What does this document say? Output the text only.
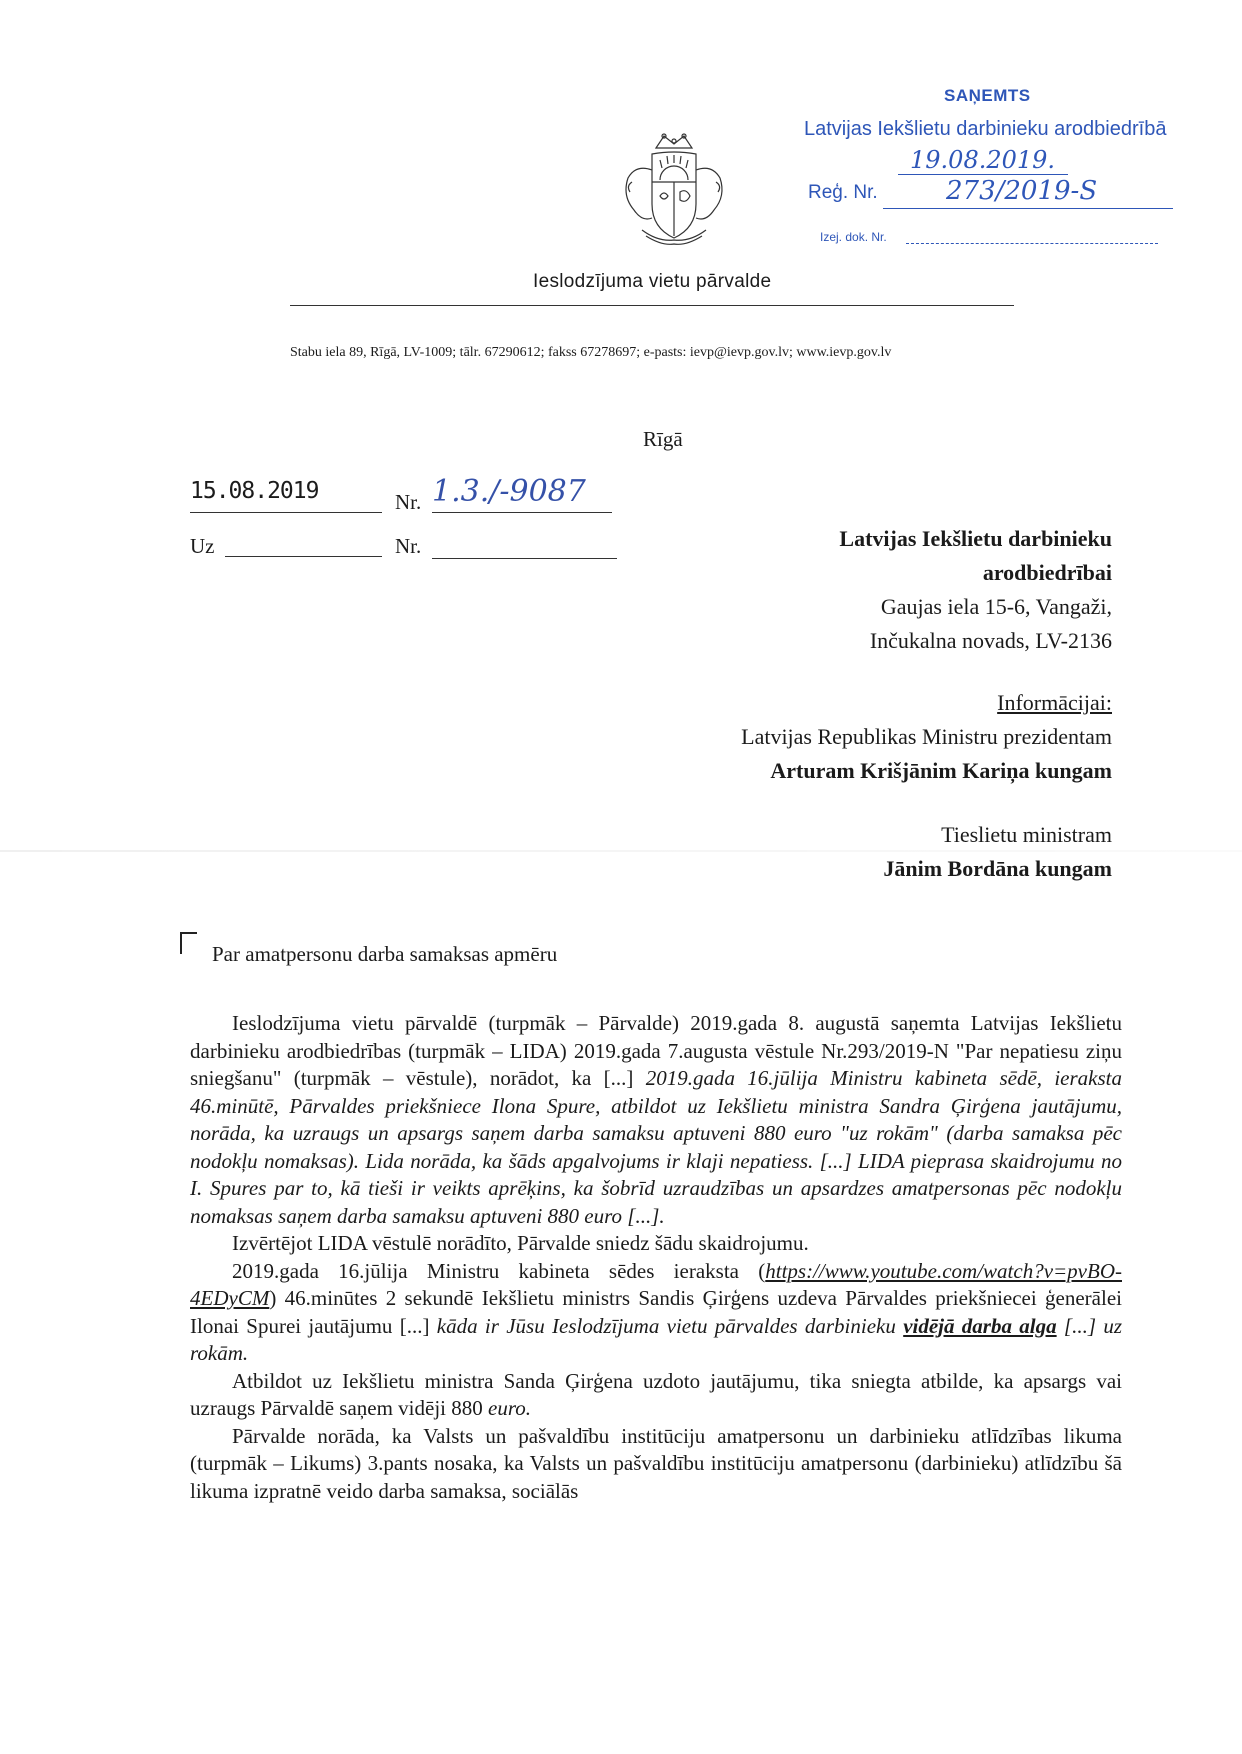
SAŅEMTS
Latvijas Iekšlietu darbinieku arodbiedrībā
19.08.2019.
Reģ. Nr.	273/2019-S
Izej. dok. Nr.
Ieslodzījuma vietu pārvalde
Stabu iela 89, Rīgā, LV-1009; tālr. 67290612; fakss 67278697; e-pasts: ievp@ievp.gov.lv; www.ievp.gov.lv
Rīgā
15.08.2019	Nr. 1.3./-9087
Uz	Nr.	Latvijas Iekšlietu darbinieku
arodbiedrībai
Gaujas iela 15-6, Vangaži,
Inčukalna novads, LV-2136
Informācijai:
Latvijas Republikas Ministru prezidentam
Arturam Krišjānim Kariņa kungam
Tieslietu ministram
Jānim Bordāna kungam
Par amatpersonu darba samaksas apmēru

Ieslodzījuma vietu pārvaldē (turpmāk – Pārvalde) 2019.gada 8. augustā saņemta Latvijas Iekšlietu darbinieku arodbiedrības (turpmāk – LIDA) 2019.gada 7.augusta vēstule Nr.293/2019-N "Par nepatiesu ziņu sniegšanu" (turpmāk – vēstule), norādot, ka [...] 2019.gada 16.jūlija Ministru kabineta sēdē, ieraksta 46.minūtē, Pārvaldes priekšniece Ilona Spure, atbildot uz Iekšlietu ministra Sandra Ģirģena jautājumu, norāda, ka uzraugs un apsargs saņem darba samaksu aptuveni 880 euro "uz rokām" (darba samaksa pēc nodokļu nomaksas). Lida norāda, ka šāds apgalvojums ir klaji nepatiess. [...] LIDA pieprasa skaidrojumu no I. Spures par to, kā tieši ir veikts aprēķins, ka šobrīd uzraudzības un apsardzes amatpersonas pēc nodokļu nomaksas saņem darba samaksu aptuveni 880 euro [...].

Izvērtējot LIDA vēstulē norādīto, Pārvalde sniedz šādu skaidrojumu.

2019.gada 16.jūlija Ministru kabineta sēdes ieraksta (https://www.youtube.com/watch?v=pvBO-4EDyCM) 46.minūtes 2 sekundē Iekšlietu ministrs Sandis Ģirģens uzdeva Pārvaldes priekšniecei ģenerālei Ilonai Spurei jautājumu [...] kāda ir Jūsu Ieslodzījuma vietu pārvaldes darbinieku vidējā darba alga [...] uz rokām.

Atbildot uz Iekšlietu ministra Sanda Ģirģena uzdoto jautājumu, tika sniegta atbilde, ka apsargs vai uzraugs Pārvaldē saņem vidēji 880 euro.

Pārvalde norāda, ka Valsts un pašvaldību institūciju amatpersonu un darbinieku atlīdzības likuma (turpmāk – Likums) 3.pants nosaka, ka Valsts un pašvaldību institūciju amatpersonu (darbinieku) atlīdzību šā likuma izpratnē veido darba samaksa, sociālās
